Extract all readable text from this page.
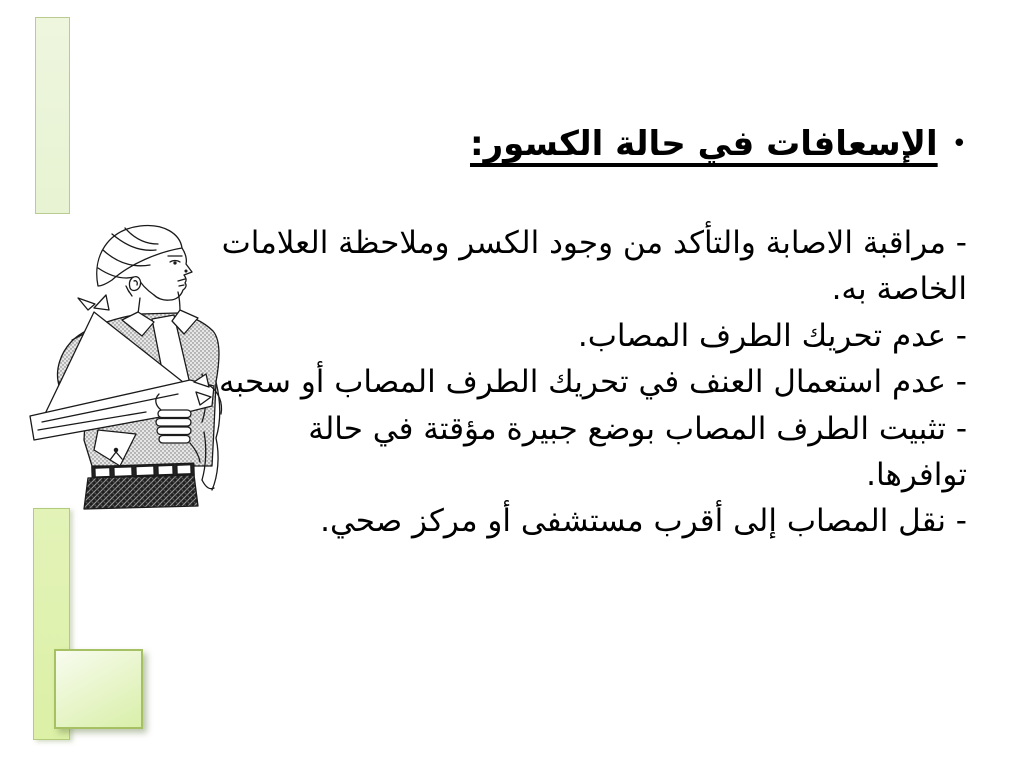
•
الإسعافات في حالة الكسور:
- مراقبة الاصابة والتأكد من وجود الكسر وملاحظة العلامات
الخاصة به.
- عدم تحريك الطرف المصاب.
- عدم استعمال العنف في تحريك الطرف المصاب أو سحبه
- تثبيت الطرف المصاب بوضع جبيرة مؤقتة في حالة
توافرها.
- نقل المصاب إلى أقرب مستشفى أو مركز صحي.
